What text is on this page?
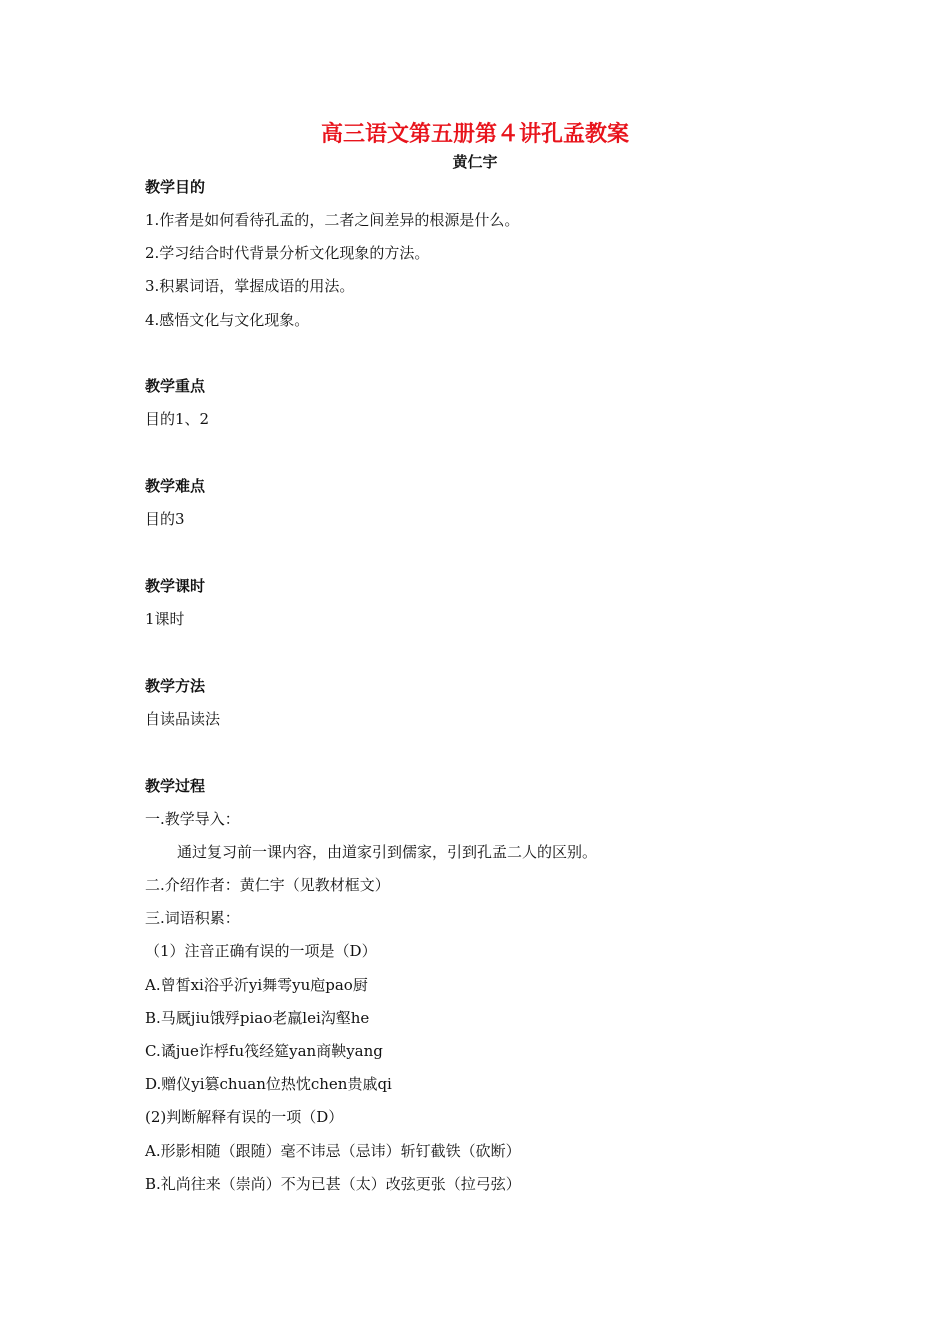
高三语文第五册第４讲孔孟教案
黄仁宇
教学目的
1.作者是如何看待孔孟的，二者之间差异的根源是什么。
2.学习结合时代背景分析文化现象的方法。
3.积累词语，掌握成语的用法。
4.感悟文化与文化现象。
教学重点
目的1、2
教学难点
目的3
教学课时
1课时
教学方法
自读品读法
教学过程
一.教学导入：
通过复习前一课内容，由道家引到儒家，引到孔孟二人的区别。
二.介绍作者：黄仁宇（见教材框文）
三.词语积累：
（1）注音正确有误的一项是（D）
A.曾皙xi浴乎沂yi舞雩yu庖pao厨
B.马厩jiu饿殍piao老羸lei沟壑he
C.谲jue诈桴fu筏经筵yan商鞅yang
D.赠仪yi篡chuan位热忱chen贵戚qi
(2)判断解释有误的一项（D）
A.形影相随（跟随）毫不讳忌（忌讳）斩钉截铁（砍断）
B.礼尚往来（崇尚）不为已甚（太）改弦更张（拉弓弦）
